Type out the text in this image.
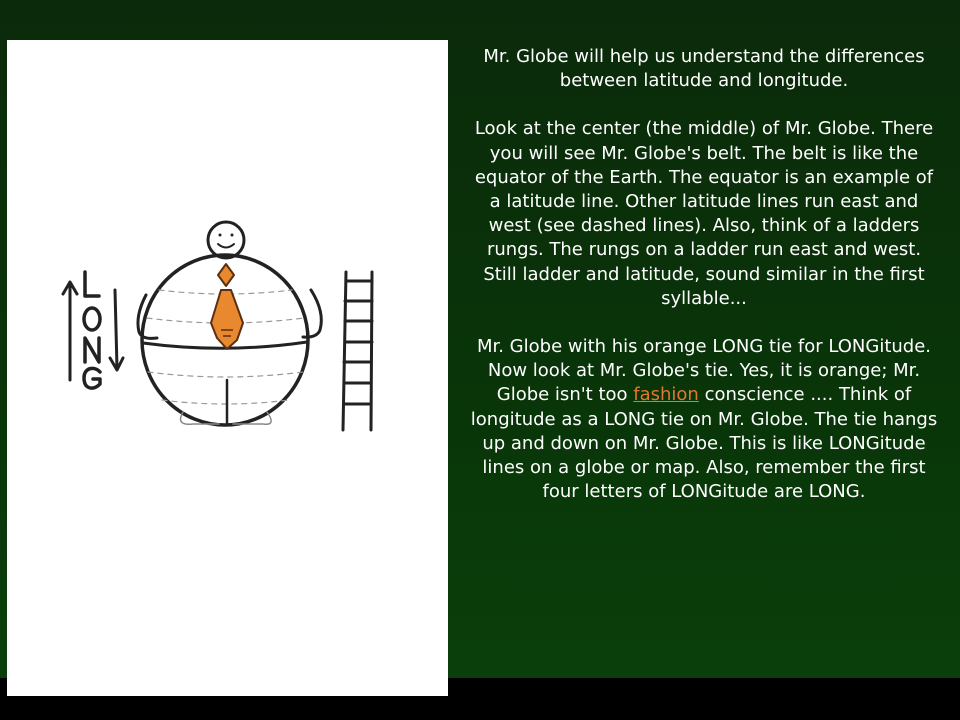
Mr. Globe will help us understand the differences between latitude and longitude.

Look at the center (the middle) of Mr. Globe. There you will see Mr. Globe's belt. The belt is like the equator of the Earth. The equator is an example of a latitude line. Other latitude lines run east and west (see dashed lines). Also, think of a ladders rungs. The rungs on a ladder run east and west. Still ladder and latitude, sound similar in the first syllable...

Mr. Globe with his orange LONG tie for LONGitude. Now look at Mr. Globe's tie. Yes, it is orange; Mr. Globe isn't too fashion conscience .... Think of longitude as a LONG tie on Mr. Globe. The tie hangs up and down on Mr. Globe. This is like LONGitude lines on a globe or map. Also, remember the first four letters of LONGitude are LONG.
